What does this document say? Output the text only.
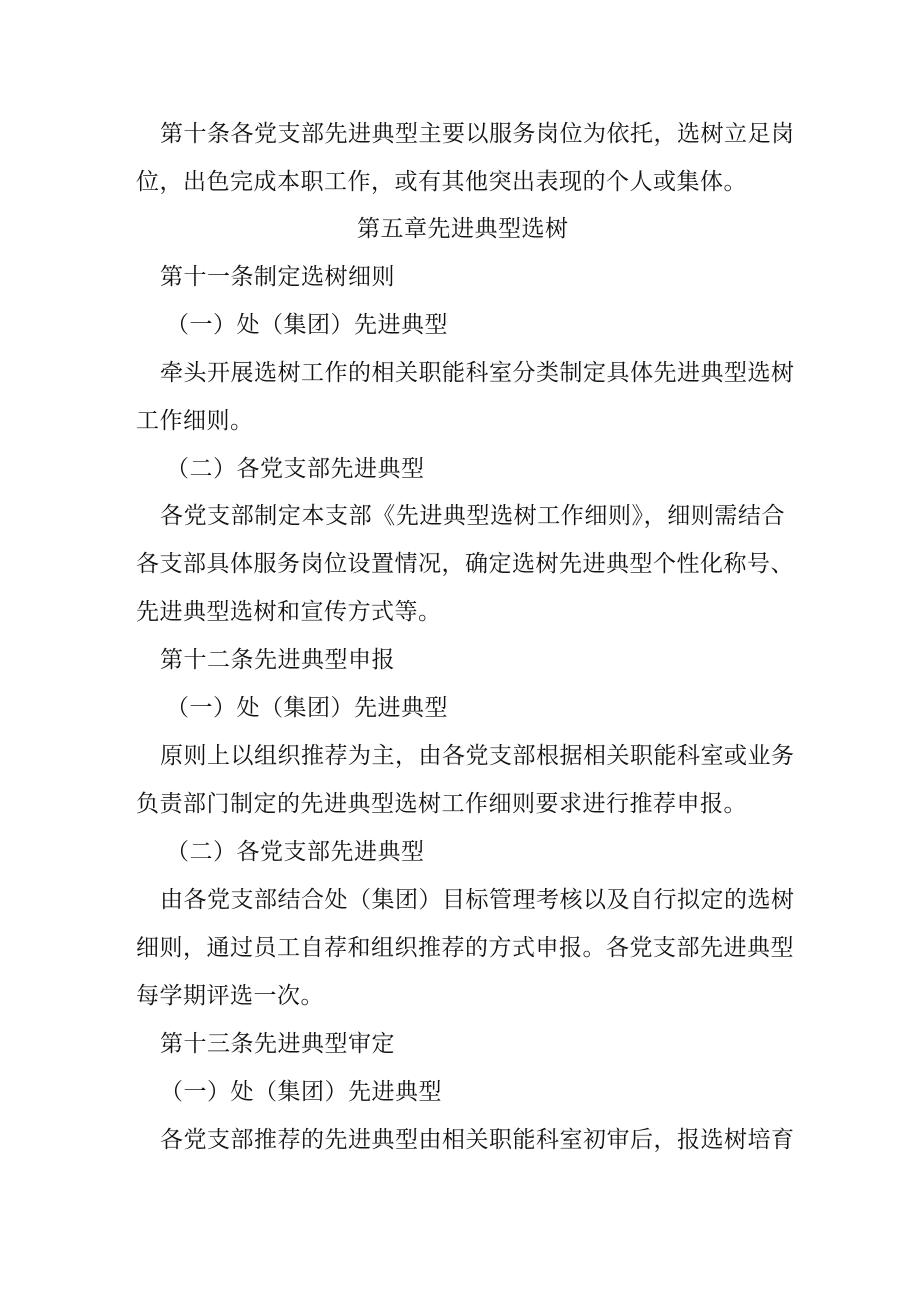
第十条各党支部先进典型主要以服务岗位为依托，选树立足岗
位，出色完成本职工作，或有其他突出表现的个人或集体。
第五章先进典型选树
第十一条制定选树细则
（一）处（集团）先进典型
牵头开展选树工作的相关职能科室分类制定具体先进典型选树
工作细则。
（二）各党支部先进典型
各党支部制定本支部《先进典型选树工作细则》，细则需结合
各支部具体服务岗位设置情况，确定选树先进典型个性化称号、
先进典型选树和宣传方式等。
第十二条先进典型申报
（一）处（集团）先进典型
原则上以组织推荐为主，由各党支部根据相关职能科室或业务
负责部门制定的先进典型选树工作细则要求进行推荐申报。
（二）各党支部先进典型
由各党支部结合处（集团）目标管理考核以及自行拟定的选树
细则，通过员工自荐和组织推荐的方式申报。各党支部先进典型
每学期评选一次。
第十三条先进典型审定
（一）处（集团）先进典型
各党支部推荐的先进典型由相关职能科室初审后，报选树培育
